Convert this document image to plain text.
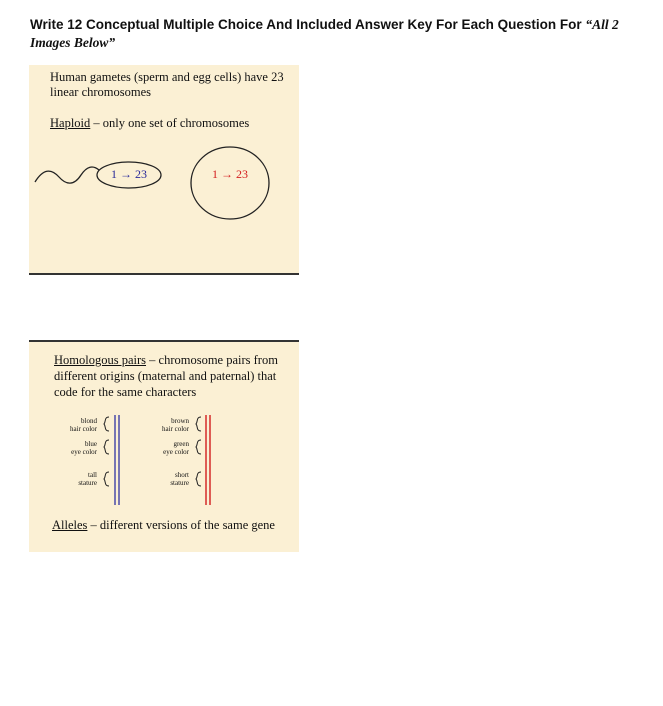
Write 12 Conceptual Multiple Choice And Included Answer Key For Each Question For “All 2 Images Below”
Human gametes (sperm and egg cells) have 23
linear chromosomes
Haploid – only one set of chromosomes
1 → 23	1 → 23
Homologous pairs – chromosome pairs from
different origins (maternal and paternal) that
code for the same characters
blond
hair color
blue
eye color
tall
stature
brown
hair color
green
eye color
short
stature
Alleles – different versions of the same gene
